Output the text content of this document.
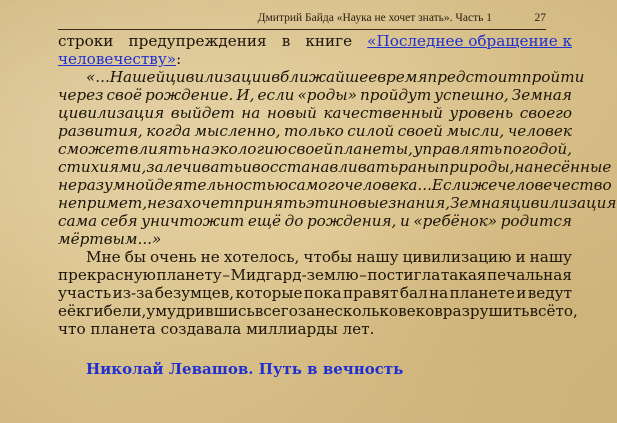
Дмитрий Байда «Наука не хочет знать». Часть 1	27
строки предупреждения в книге «Последнее обращение к
человечеству»:
«...Нашей цивилизации в ближайшее время предстоит пройти
через своё рождение. И, если «роды» пройдут успешно, Земная
цивилизация выйдет на новый качественный уровень своего
развития, когда мысленно, только силой своей мысли, человек
сможет влиять на экологию своей планеты, управлять погодой,
стихиями, залечивать и восстанавливать раны природы, нанесённые
неразумной деятельностью самого человека... Если же человечество
не примет, не захочет принять эти новые знания, Земная цивилизация
сама себя уничтожит ещё до рождения, и «ребёнок» родится
мёртвым...»
Мне бы очень не хотелось, чтобы нашу цивилизацию и нашу
прекрасную планету – Мидгард-землю – постигла такая печальная
участь из-за безумцев, которые пока правят бал на планете и ведут
её к гибели, умудрившись всего за несколько веков разрушить всё то,
что планета создавала миллиарды лет.
Николай Левашов. Путь в вечность
